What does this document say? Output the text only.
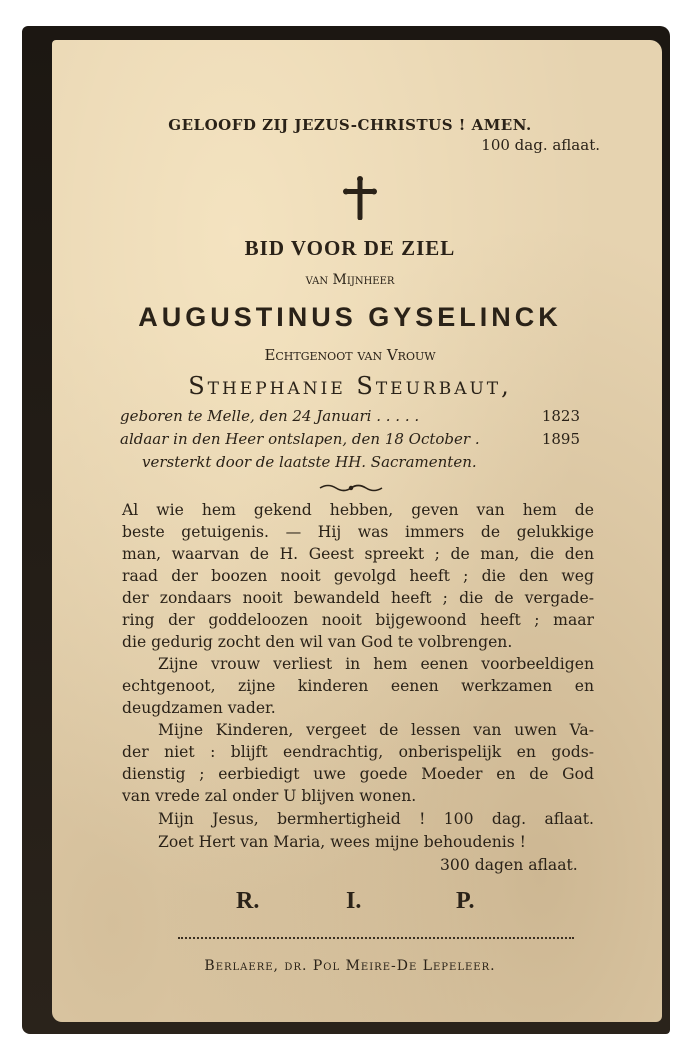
GELOOFD ZIJ JEZUS-CHRISTUS ! AMEN.
100 dag. aflaat.
BID VOOR DE ZIEL
van Mijnheer
AUGUSTINUS GYSELINCK
Echtgenoot van Vrouw
Sthephanie Steurbaut,
geboren te Melle, den 24 Januari . . . . .	1823
aldaar in den Heer ontslapen, den 18 October .	1895
versterkt door de laatste HH. Sacramenten.
Al wie hem gekend hebben, geven van hem de
beste getuigenis. — Hij was immers de gelukkige
man, waarvan de H. Geest spreekt ; de man, die den
raad der boozen nooit gevolgd heeft ; die den weg
der zondaars nooit bewandeld heeft ; die de vergade-
ring der goddeloozen nooit bijgewoond heeft ; maar
die gedurig zocht den wil van God te volbrengen.
Zijne vrouw verliest in hem eenen voorbeeldigen
echtgenoot, zijne kinderen eenen werkzamen en
deugdzamen vader.
Mijne Kinderen, vergeet de lessen van uwen Va-
der niet : blijft eendrachtig, onberispelijk en gods-
dienstig ; eerbiedigt uwe goede Moeder en de God
van vrede zal onder U blijven wonen.
Mijn Jesus, bermhertigheid ! 100 dag. aflaat.
Zoet Hert van Maria, wees mijne behoudenis !
300 dagen aflaat.
R.	I.	P.
Berlaere, dr. Pol Meire-De Lepeleer.
